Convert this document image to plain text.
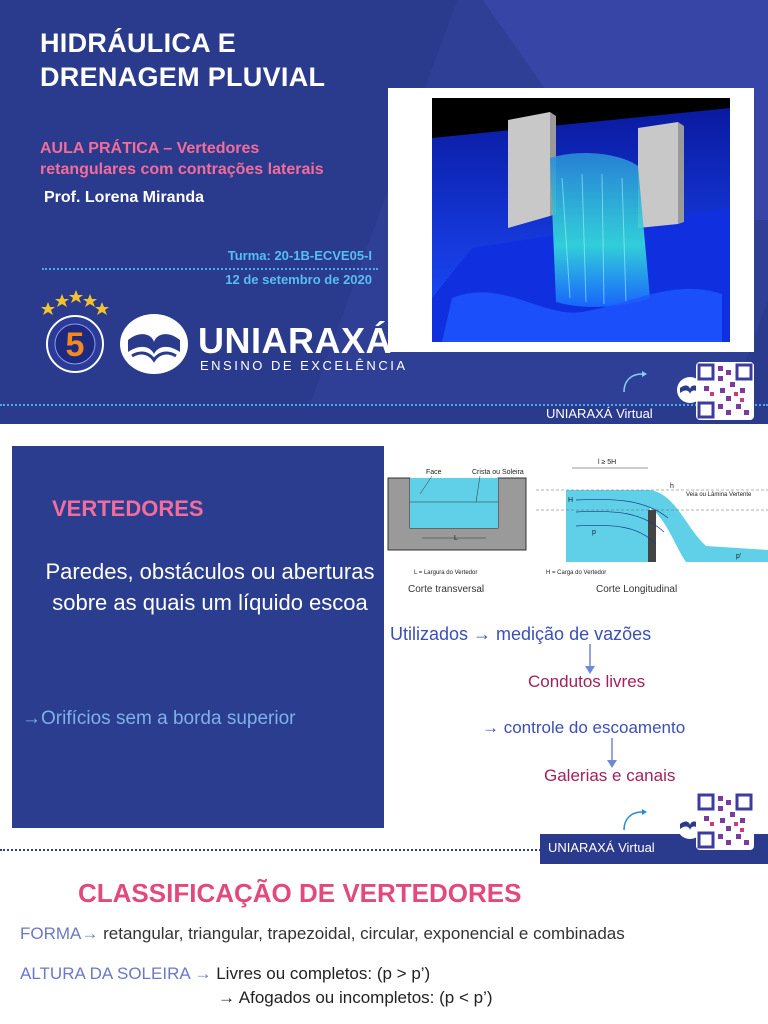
HIDRÁULICA E
DRENAGEM PLUVIAL
AULA PRÁTICA – Vertedores
retangulares com contrações laterais
Prof. Lorena Miranda
Turma: 20-1B-ECVE05-I
12 de setembro de 2020
5	UNIARAXÁ
ENSINO DE EXCELÊNCIA
UNIARAXÁ Virtual
VERTEDORES
Paredes, obstáculos ou aberturas sobre as quais um líquido escoa
→Orifícios sem a borda superior
Face	Crista ou Soleira
L
L = Largura do Vertedor
l ≥ 5H
H
p
h
Veia ou Lâmina Vertente
p'
H = Carga do Vertedor
Corte transversal	Corte Longitudinal
Utilizados → medição de vazões
Condutos livres
→ controle do escoamento
Galerias e canais
UNIARAXÁ Virtual
CLASSIFICAÇÃO DE VERTEDORES
FORMA→ retangular, triangular, trapezoidal, circular, exponencial e combinadas
ALTURA DA SOLEIRA → Livres ou completos: (p > p’)
→ Afogados ou incompletos: (p < p’)
